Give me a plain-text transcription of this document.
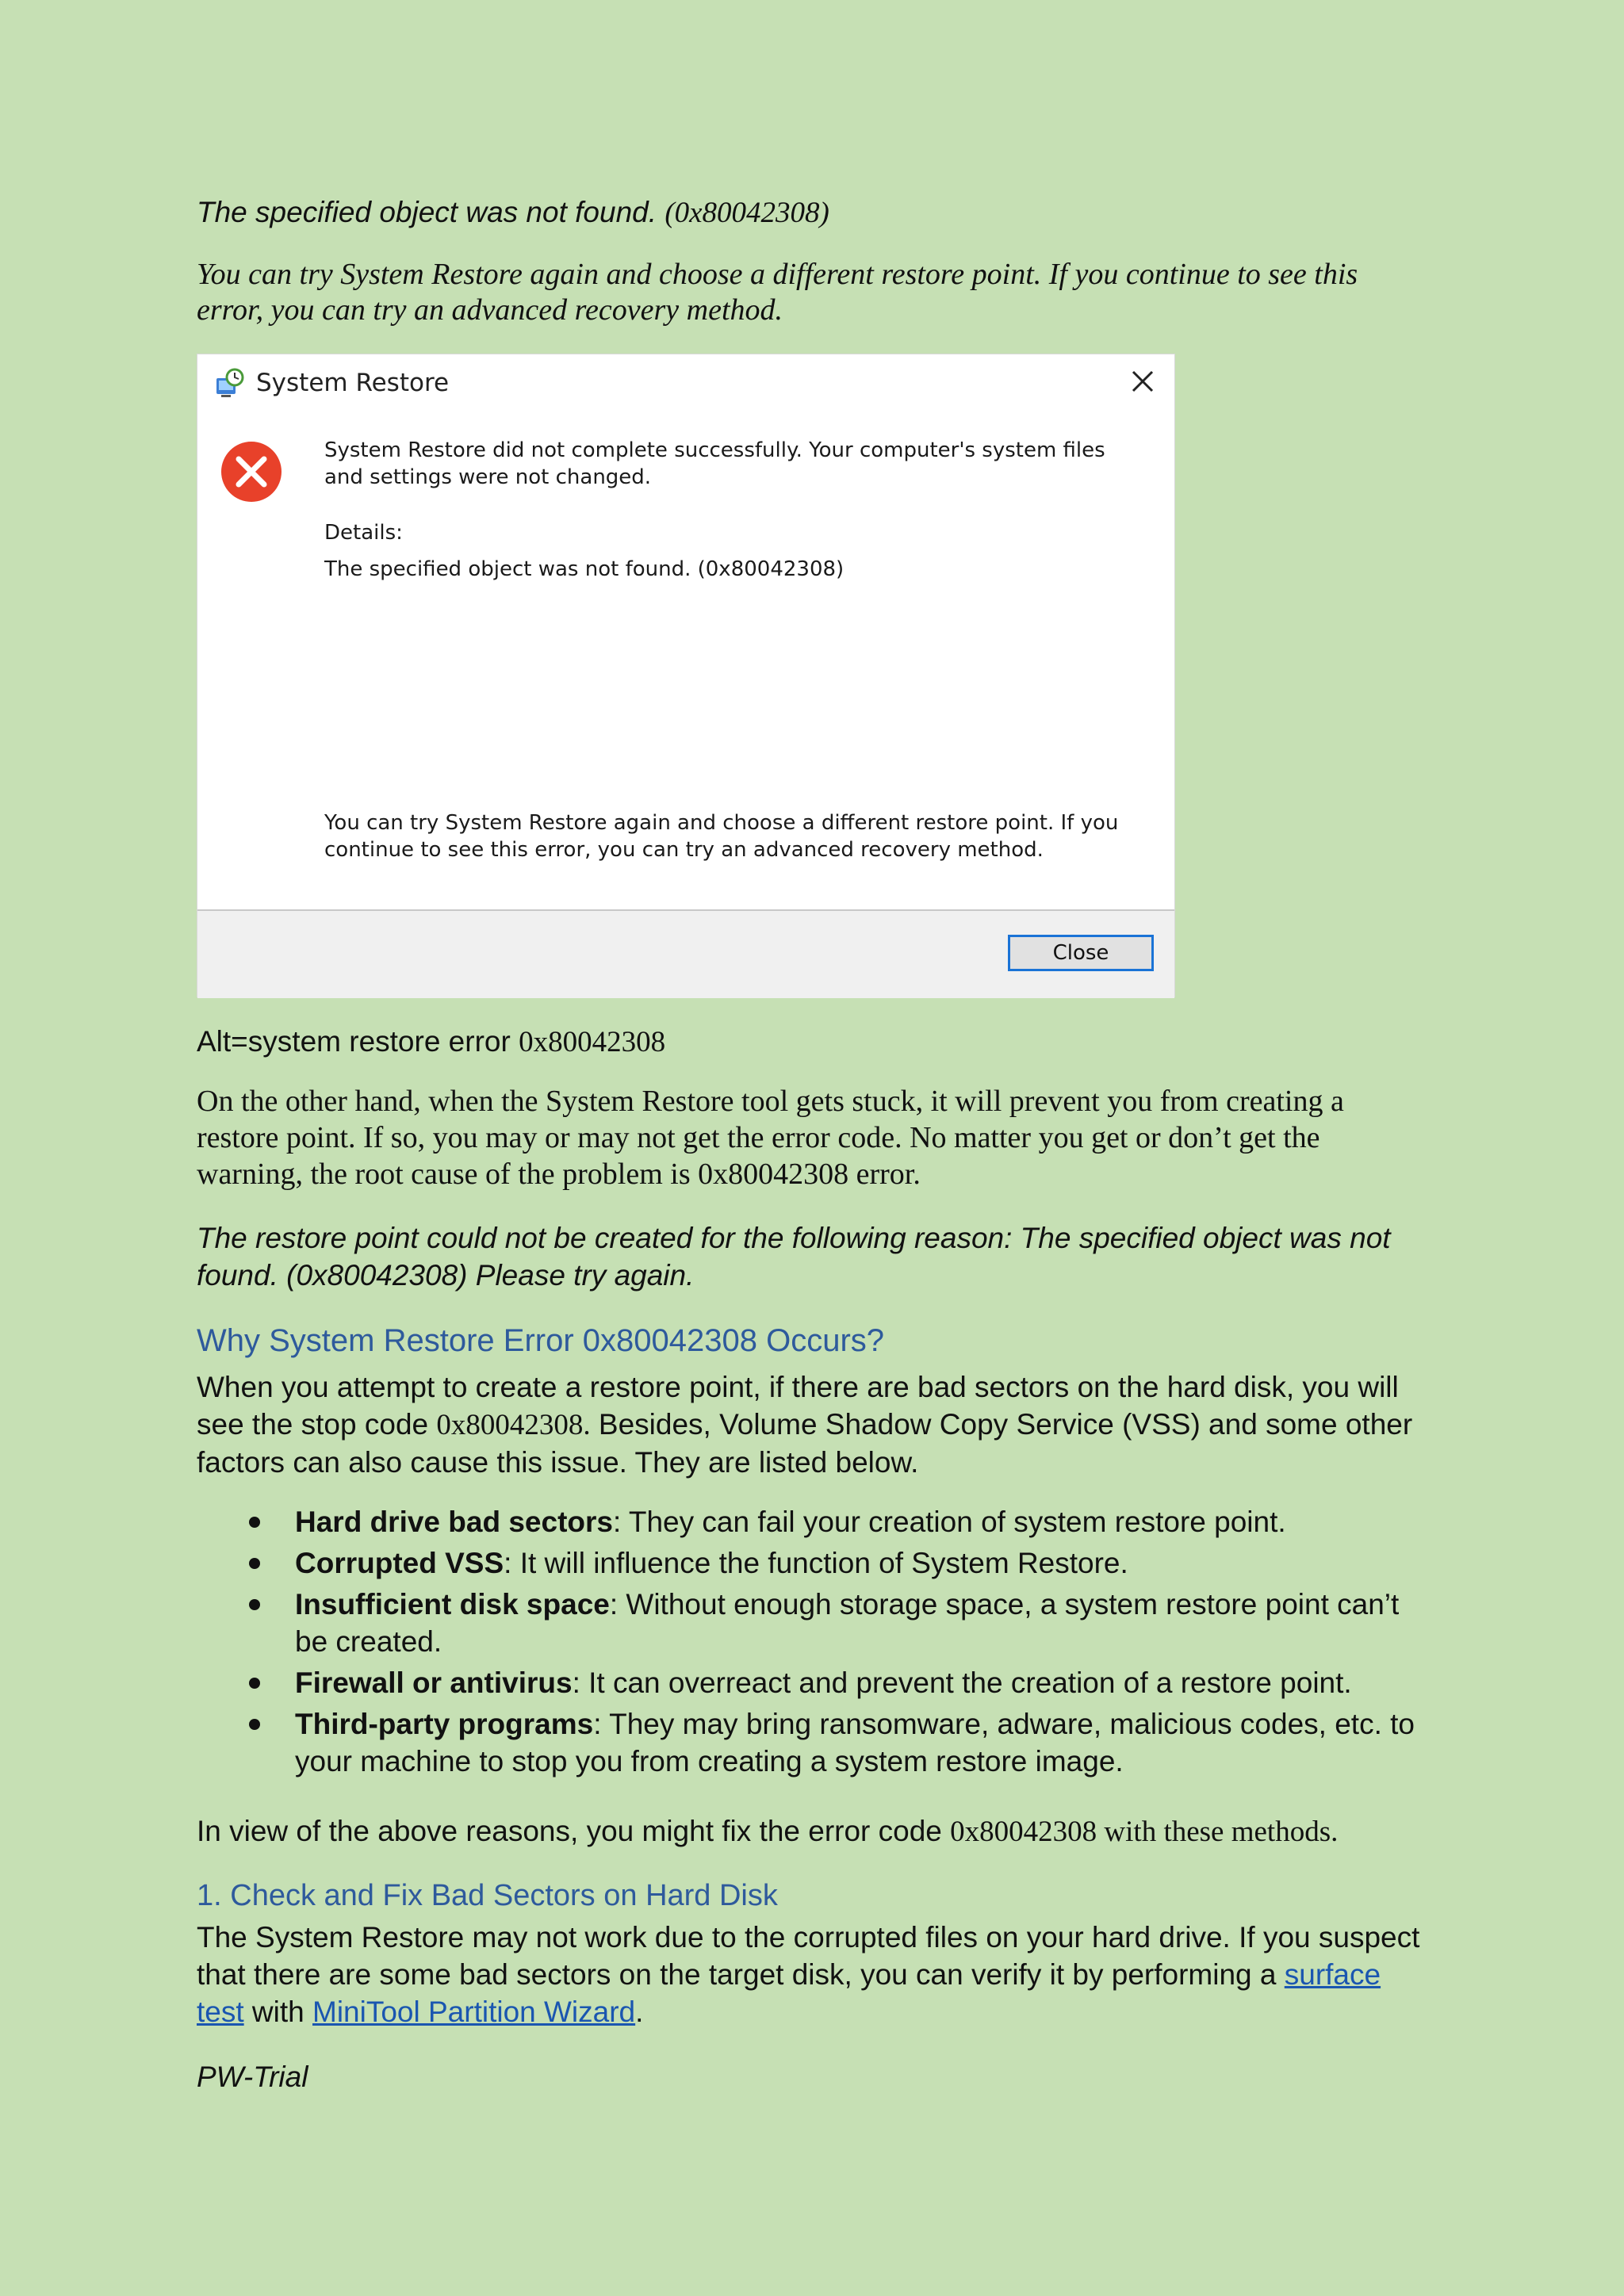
The specified object was not found. (0x80042308)

You can try System Restore again and choose a different restore point. If you continue to see this error, you can try an advanced recovery method.

Alt=system restore error 0x80042308

On the other hand, when the System Restore tool gets stuck, it will prevent you from creating a restore point. If so, you may or may not get the error code. No matter you get or don’t get the warning, the root cause of the problem is 0x80042308 error.

The restore point could not be created for the following reason: The specified object was not found. (0x80042308) Please try again.

Why System Restore Error 0x80042308 Occurs?

When you attempt to create a restore point, if there are bad sectors on the hard disk, you will see the stop code 0x80042308. Besides, Volume Shadow Copy Service (VSS) and some other factors can also cause this issue. They are listed below.

Hard drive bad sectors: They can fail your creation of system restore point.
Corrupted VSS: It will influence the function of System Restore.
Insufficient disk space: Without enough storage space, a system restore point can’t be created.
Firewall or antivirus: It can overreact and prevent the creation of a restore point.
Third-party programs: They may bring ransomware, adware, malicious codes, etc. to your machine to stop you from creating a system restore image.

In view of the above reasons, you might fix the error code 0x80042308 with these methods.

1. Check and Fix Bad Sectors on Hard Disk

The System Restore may not work due to the corrupted files on your hard drive. If you suspect that there are some bad sectors on the target disk, you can verify it by performing a surface test with MiniTool Partition Wizard.

PW-Trial

System Restore

System Restore did not complete successfully. Your computer's system files and settings were not changed.

Details:

The specified object was not found. (0x80042308)

You can try System Restore again and choose a different restore point. If you continue to see this error, you can try an advanced recovery method.

Close
